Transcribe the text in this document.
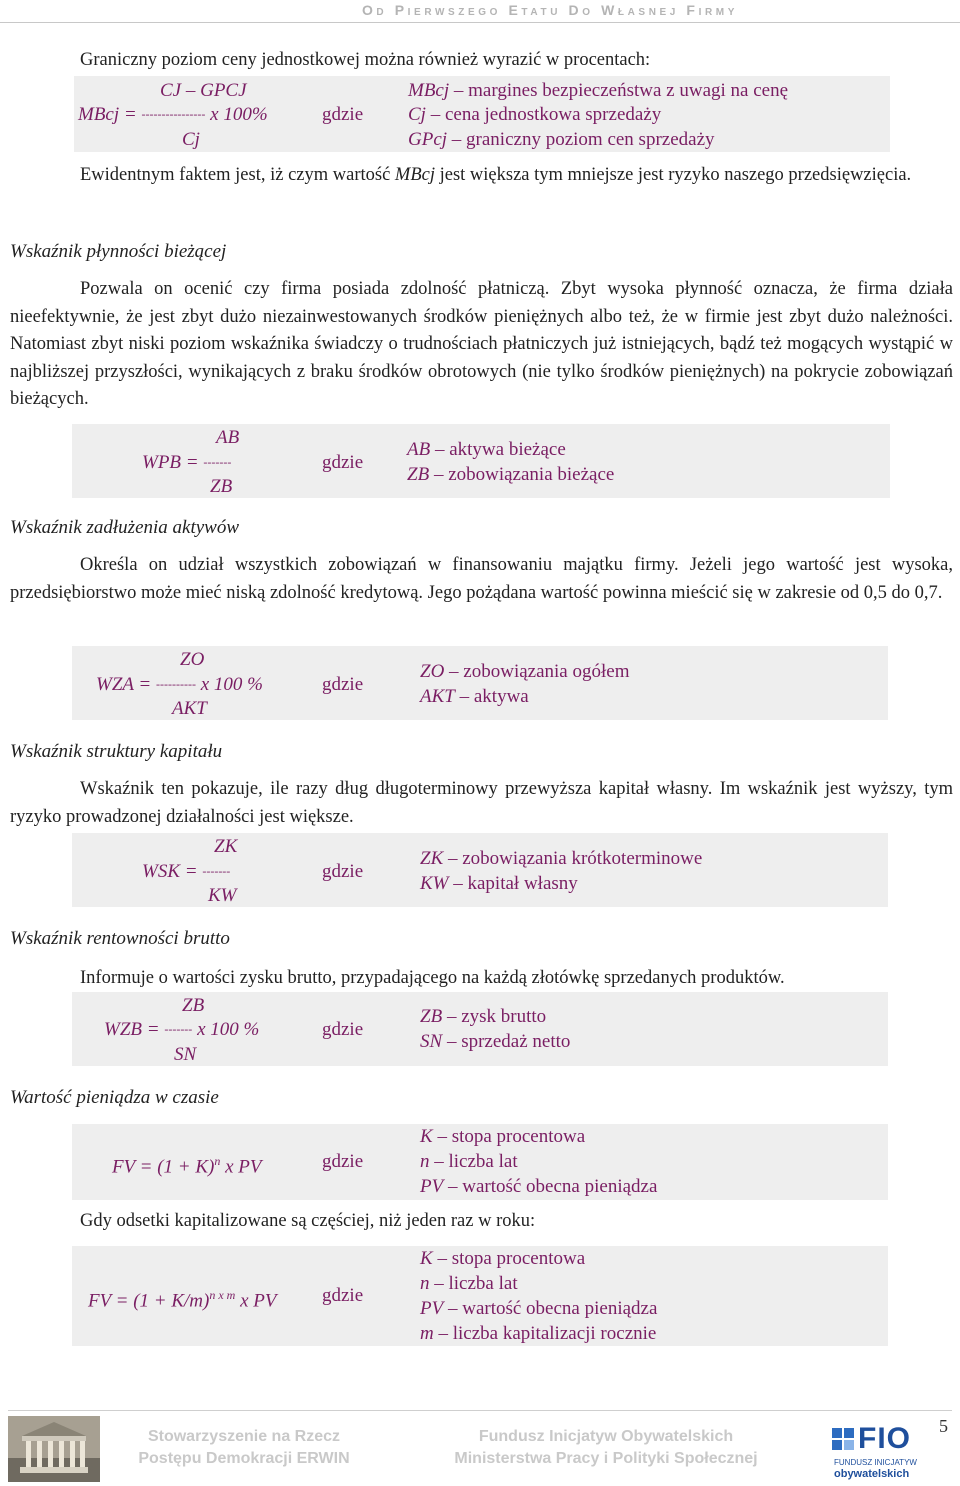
Od Pierwszego Etatu Do Własnej Firmy

Graniczny poziom ceny jednostkowej można również wyrazić w procentach:

CJ – GPCJ
MBcj = ---------------- x 100%
Cj
gdzie
MBcj – margines bezpieczeństwa z uwagi na cenę
Cj – cena jednostkowa sprzedaży
GPcj – graniczny poziom cen sprzedaży

Ewidentnym faktem jest, iż czym wartość MBcj jest większa tym mniejsze jest ryzyko naszego przedsięwzięcia.

Wskaźnik płynności bieżącej

Pozwala on ocenić czy firma posiada zdolność płatniczą. Zbyt wysoka płynność oznacza, że firma działa nieefektywnie, że jest zbyt dużo niezainwestowanych środków pieniężnych albo też, że w firmie jest zbyt dużo należności. Natomiast zbyt niski poziom wskaźnika świadczy o trudnościach płatniczych już istniejących, bądź też mogących wystąpić w najbliższej przyszłości, wynikających z braku środków obrotowych (nie tylko środków pieniężnych) na pokrycie zobowiązań bieżących.

AB
WPB = -------
ZB
gdzie
AB – aktywa bieżące
ZB – zobowiązania bieżące
Wskaźnik zadłużenia aktywów

Określa on udział wszystkich zobowiązań w finansowaniu majątku firmy. Jeżeli jego wartość jest wysoka, przedsiębiorstwo może mieć niską zdolność kredytową. Jego pożądana wartość powinna mieścić się w zakresie od 0,5 do 0,7.

ZO
WZA = ---------- x 100 %
AKT
gdzie
ZO – zobowiązania ogółem
AKT – aktywa
Wskaźnik struktury kapitału

Wskaźnik ten pokazuje, ile razy dług długoterminowy przewyższa kapitał własny. Im wskaźnik jest wyższy, tym ryzyko prowadzonej działalności jest większe.

ZK
WSK = -------
KW
gdzie
ZK – zobowiązania krótkoterminowe
KW – kapitał własny
Wskaźnik rentowności brutto

Informuje o wartości zysku brutto, przypadającego na każdą złotówkę sprzedanych produktów.

ZB
WZB = ------- x 100 %
SN
gdzie
ZB – zysk brutto
SN – sprzedaż netto
Wartość pieniądza w czasie
FV = $(1 + K)^n$ x PV	gdzie
K – stopa procentowa
n – liczba lat
PV – wartość obecna pieniądza

Gdy odsetki kapitalizowane są częściej, niż jeden raz w roku:

FV = $(1 + K/m)^{n x m}$ x PV gdzie
K – stopa procentowa
n – liczba lat
PV – wartość obecna pieniądza
m – liczba kapitalizacji rocznie
Stowarzyszenie na Rzecz
Postępu Demokracji ERWIN
Fundusz Inicjatyw Obywatelskich
Ministerstwa Pracy i Polityki Społecznej
FIO
FUNDUSZ INICJATYW
obywatelskich
5
